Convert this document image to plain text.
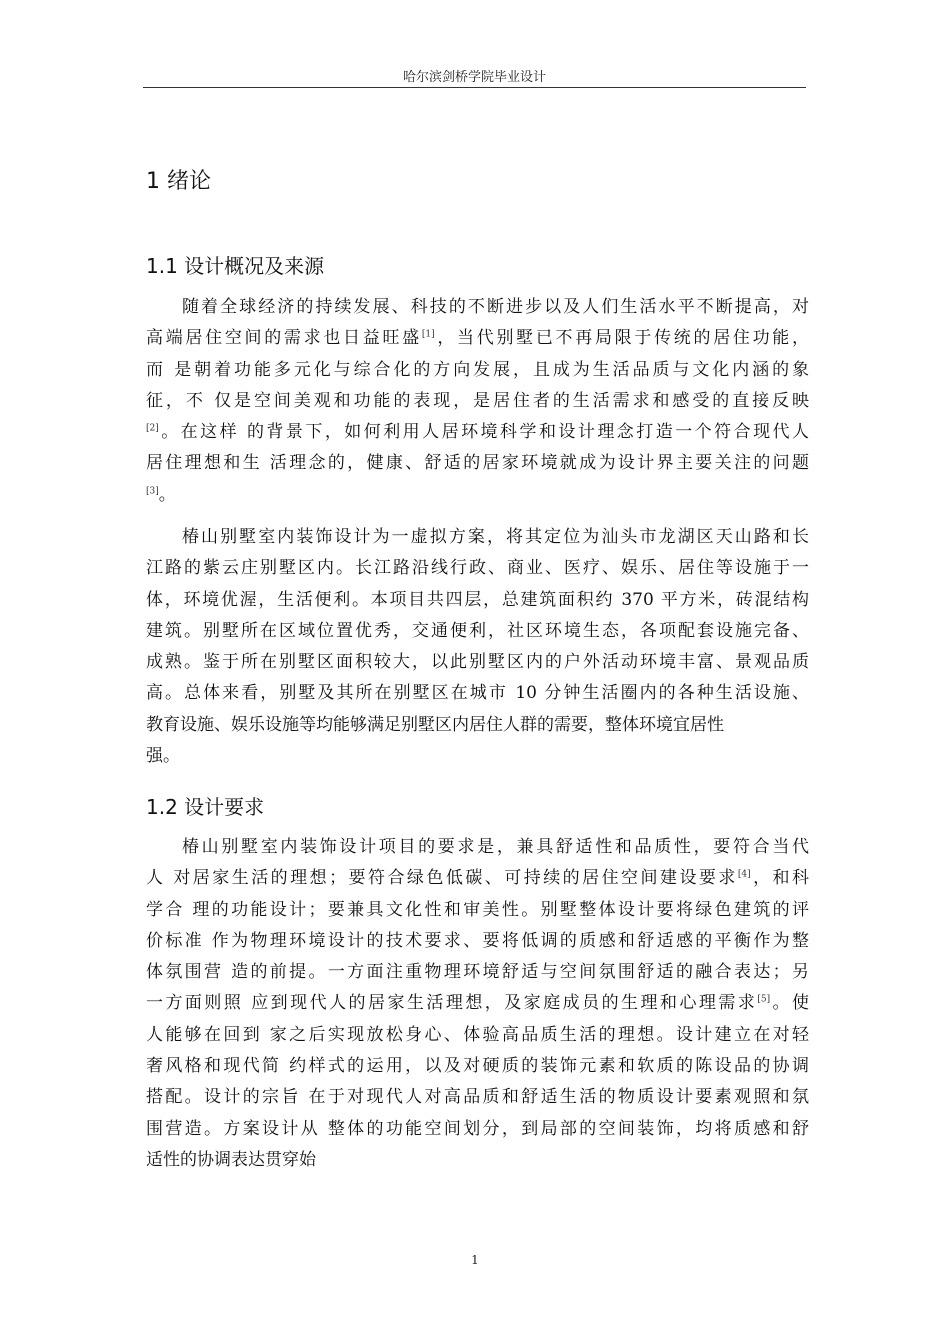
哈尔滨剑桥学院毕业设计
1 绪论
1.1 设计概况及来源
随着全球经济的持续发展、科技的不断进步以及人们生活水平不断提高，对
高端居住空间的需求也日益旺盛[1]，当代别墅已不再局限于传统的居住功能，
而 是朝着功能多元化与综合化的方向发展，且成为生活品质与文化内涵的象
征，不 仅是空间美观和功能的表现，是居住者的生活需求和感受的直接反映
[2]。在这样 的背景下，如何利用人居环境科学和设计理念打造一个符合现代人
居住理想和生 活理念的，健康、舒适的居家环境就成为设计界主要关注的问题
[3]。
椿山别墅室内装饰设计为一虚拟方案，将其定位为汕头市龙湖区天山路和长
江路的紫云庄别墅区内。长江路沿线行政、商业、医疗、娱乐、居住等设施于一
体，环境优渥，生活便利。本项目共四层，总建筑面积约 370 平方米，砖混结构
建筑。别墅所在区域位置优秀，交通便利，社区环境生态，各项配套设施完备、
成熟。鉴于所在别墅区面积较大，以此别墅区内的户外活动环境丰富、景观品质
高。总体来看，别墅及其所在别墅区在城市 10 分钟生活圈内的各种生活设施、
教育设施、娱乐设施等均能够满足别墅区内居住人群的需要，整体环境宜居性
强。
1.2 设计要求
椿山别墅室内装饰设计项目的要求是，兼具舒适性和品质性，要符合当代
人 对居家生活的理想；要符合绿色低碳、可持续的居住空间建设要求[4]，和科
学合 理的功能设计；要兼具文化性和审美性。别墅整体设计要将绿色建筑的评
价标准 作为物理环境设计的技术要求、要将低调的质感和舒适感的平衡作为整
体氛围营 造的前提。一方面注重物理环境舒适与空间氛围舒适的融合表达；另
一方面则照 应到现代人的居家生活理想，及家庭成员的生理和心理需求[5]。使
人能够在回到 家之后实现放松身心、体验高品质生活的理想。设计建立在对轻
奢风格和现代简 约样式的运用，以及对硬质的装饰元素和软质的陈设品的协调
搭配。设计的宗旨 在于对现代人对高品质和舒适生活的物质设计要素观照和氛
围营造。方案设计从 整体的功能空间划分，到局部的空间装饰，均将质感和舒
适性的协调表达贯穿始
1
